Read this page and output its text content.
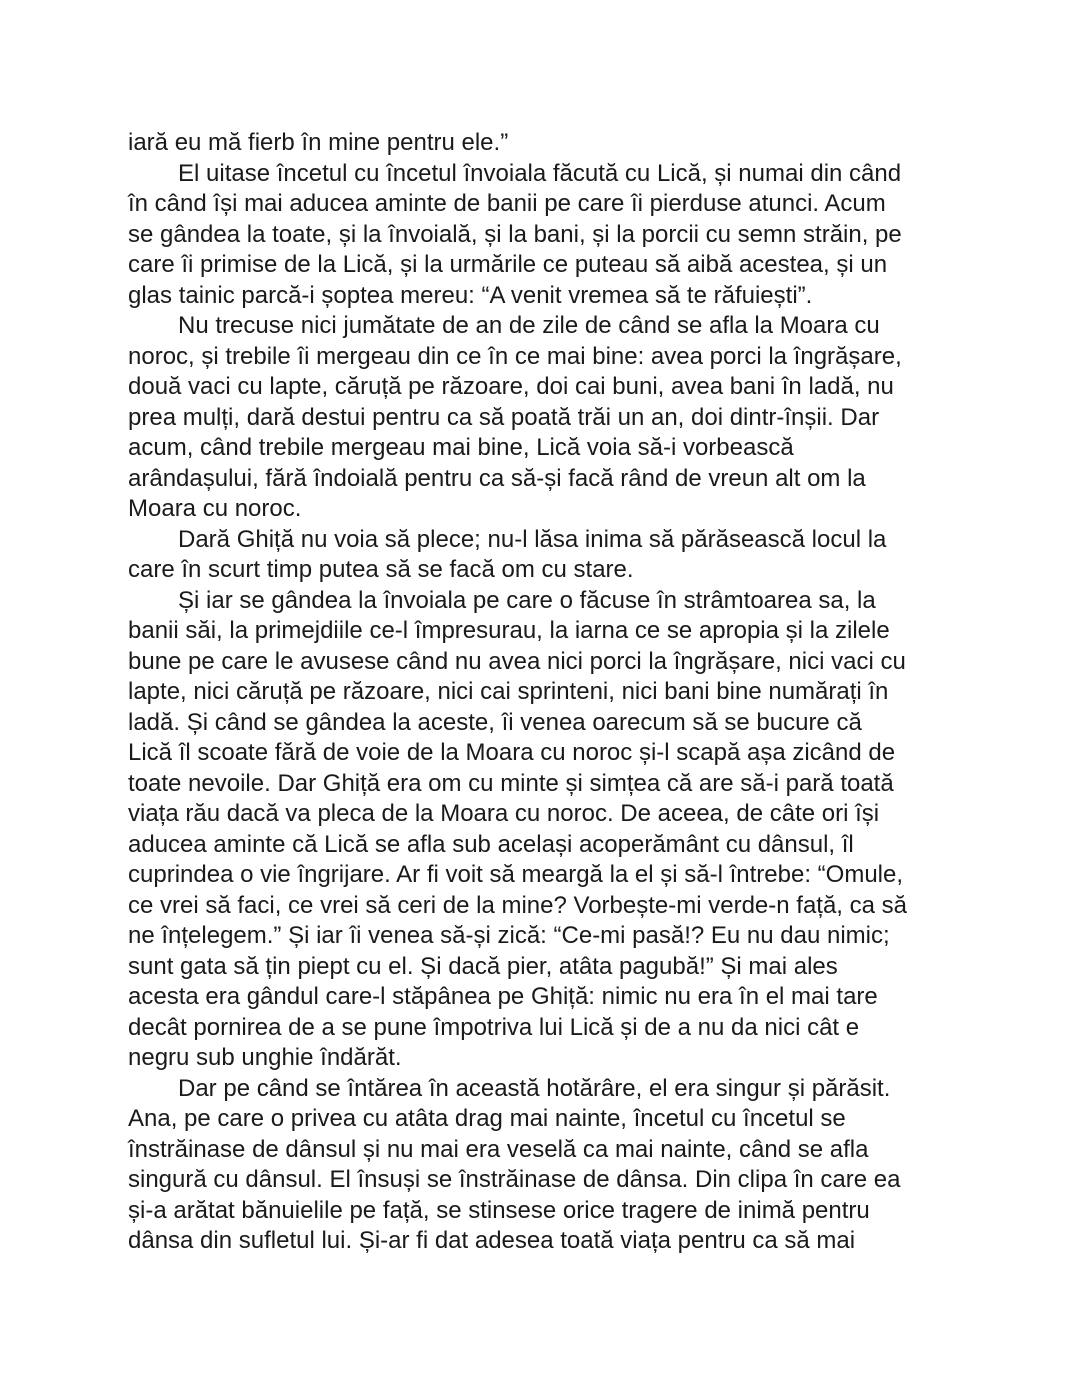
iară eu mă fierb în mine pentru ele.”
El uitase încetul cu încetul învoiala făcută cu Lică, și numai din când
în când își mai aducea aminte de banii pe care îi pierduse atunci. Acum
se gândea la toate, și la învoială, și la bani, și la porcii cu semn străin, pe
care îi primise de la Lică, și la urmările ce puteau să aibă acestea, și un
glas tainic parcă-i șoptea mereu: “A venit vremea să te răfuiești”.
Nu trecuse nici jumătate de an de zile de când se afla la Moara cu
noroc, și trebile îi mergeau din ce în ce mai bine: avea porci la îngrășare,
două vaci cu lapte, căruță pe răzoare, doi cai buni, avea bani în ladă, nu
prea mulți, dară destui pentru ca să poată trăi un an, doi dintr-înșii. Dar
acum, când trebile mergeau mai bine, Lică voia să-i vorbească
arândașului, fără îndoială pentru ca să-și facă rând de vreun alt om la
Moara cu noroc.
Dară Ghiță nu voia să plece; nu-l lăsa inima să părăsească locul la
care în scurt timp putea să se facă om cu stare.
Și iar se gândea la învoiala pe care o făcuse în strâmtoarea sa, la
banii săi, la primejdiile ce-l împresurau, la iarna ce se apropia și la zilele
bune pe care le avusese când nu avea nici porci la îngrășare, nici vaci cu
lapte, nici căruță pe răzoare, nici cai sprinteni, nici bani bine numărați în
ladă. Și când se gândea la aceste, îi venea oarecum să se bucure că
Lică îl scoate fără de voie de la Moara cu noroc și-l scapă așa zicând de
toate nevoile. Dar Ghiță era om cu minte și simțea că are să-i pară toată
viața rău dacă va pleca de la Moara cu noroc. De aceea, de câte ori își
aducea aminte că Lică se afla sub același acoperământ cu dânsul, îl
cuprindea o vie îngrijare. Ar fi voit să meargă la el și să-l întrebe: “Omule,
ce vrei să faci, ce vrei să ceri de la mine? Vorbește-mi verde-n față, ca să
ne înțelegem.” Și iar îi venea să-și zică: “Ce-mi pasă!? Eu nu dau nimic;
sunt gata să țin piept cu el. Și dacă pier, atâta pagubă!” Și mai ales
acesta era gândul care-l stăpânea pe Ghiță: nimic nu era în el mai tare
decât pornirea de a se pune împotriva lui Lică și de a nu da nici cât e
negru sub unghie îndărăt.
Dar pe când se întărea în această hotărâre, el era singur și părăsit.
Ana, pe care o privea cu atâta drag mai nainte, încetul cu încetul se
înstrăinase de dânsul și nu mai era veselă ca mai nainte, când se afla
singură cu dânsul. El însuși se înstrăinase de dânsa. Din clipa în care ea
și-a arătat bănuielile pe față, se stinsese orice tragere de inimă pentru
dânsa din sufletul lui. Și-ar fi dat adesea toată viața pentru ca să mai
